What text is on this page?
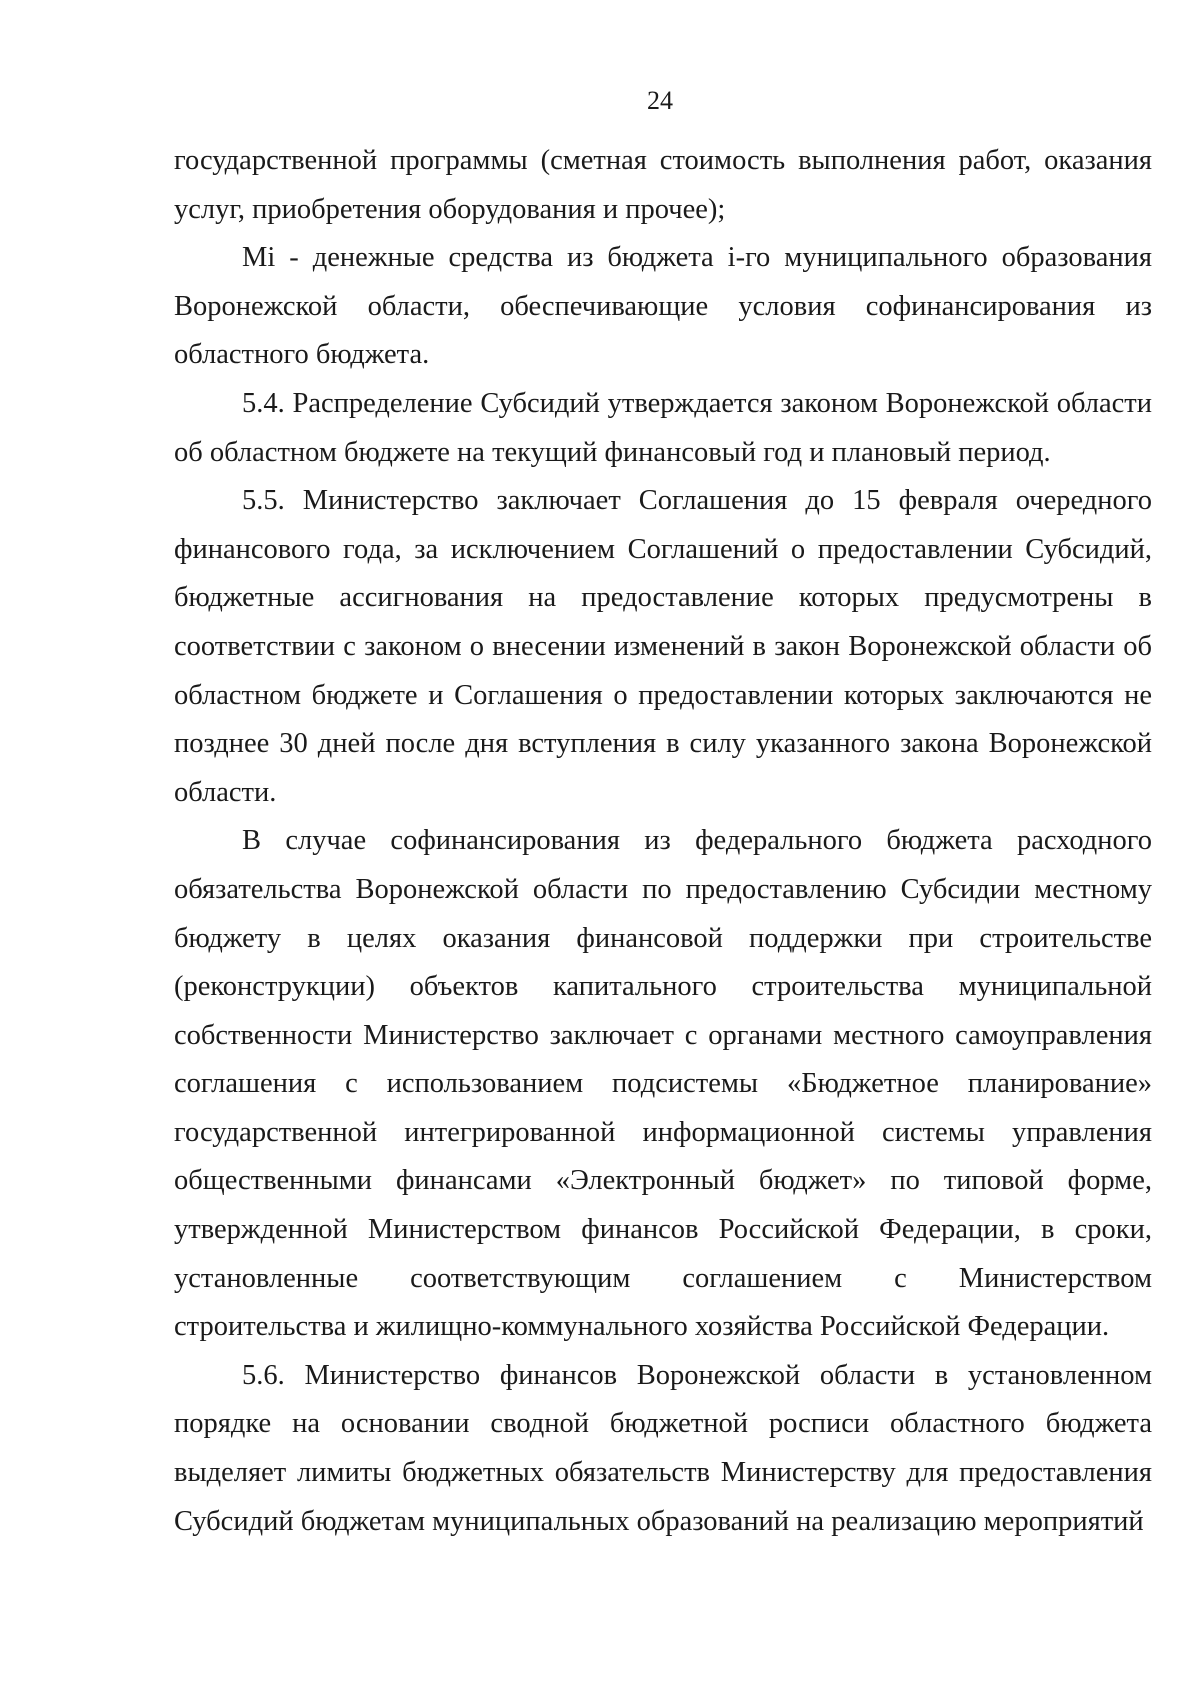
24

государственной программы (сметная стоимость выполнения работ, оказания услуг, приобретения оборудования и прочее);

Mi - денежные средства из бюджета i-го муниципального образования Воронежской области, обеспечивающие условия софинансирования из областного бюджета.

5.4. Распределение Субсидий утверждается законом Воронежской области об областном бюджете на текущий финансовый год и плановый период.

5.5. Министерство заключает Соглашения до 15 февраля очередного финансового года, за исключением Соглашений о предоставлении Субсидий, бюджетные ассигнования на предоставление которых предусмотрены в соответствии с законом о внесении изменений в закон Воронежской области об областном бюджете и Соглашения о предоставлении которых заключаются не позднее 30 дней после дня вступления в силу указанного закона Воронежской области.

В случае софинансирования из федерального бюджета расходного обязательства Воронежской области по предоставлению Субсидии местному бюджету в целях оказания финансовой поддержки при строительстве (реконструкции) объектов капитального строительства муниципальной собственности Министерство заключает с органами местного самоуправления соглашения с использованием подсистемы «Бюджетное планирование» государственной интегрированной информационной системы управления общественными финансами «Электронный бюджет» по типовой форме, утвержденной Министерством финансов Российской Федерации, в сроки, установленные соответствующим соглашением с Министерством строительства и жилищно-коммунального хозяйства Российской Федерации.

5.6. Министерство финансов Воронежской области в установленном порядке на основании сводной бюджетной росписи областного бюджета выделяет лимиты бюджетных обязательств Министерству для предоставления Субсидий бюджетам муниципальных образований на реализацию мероприятий
